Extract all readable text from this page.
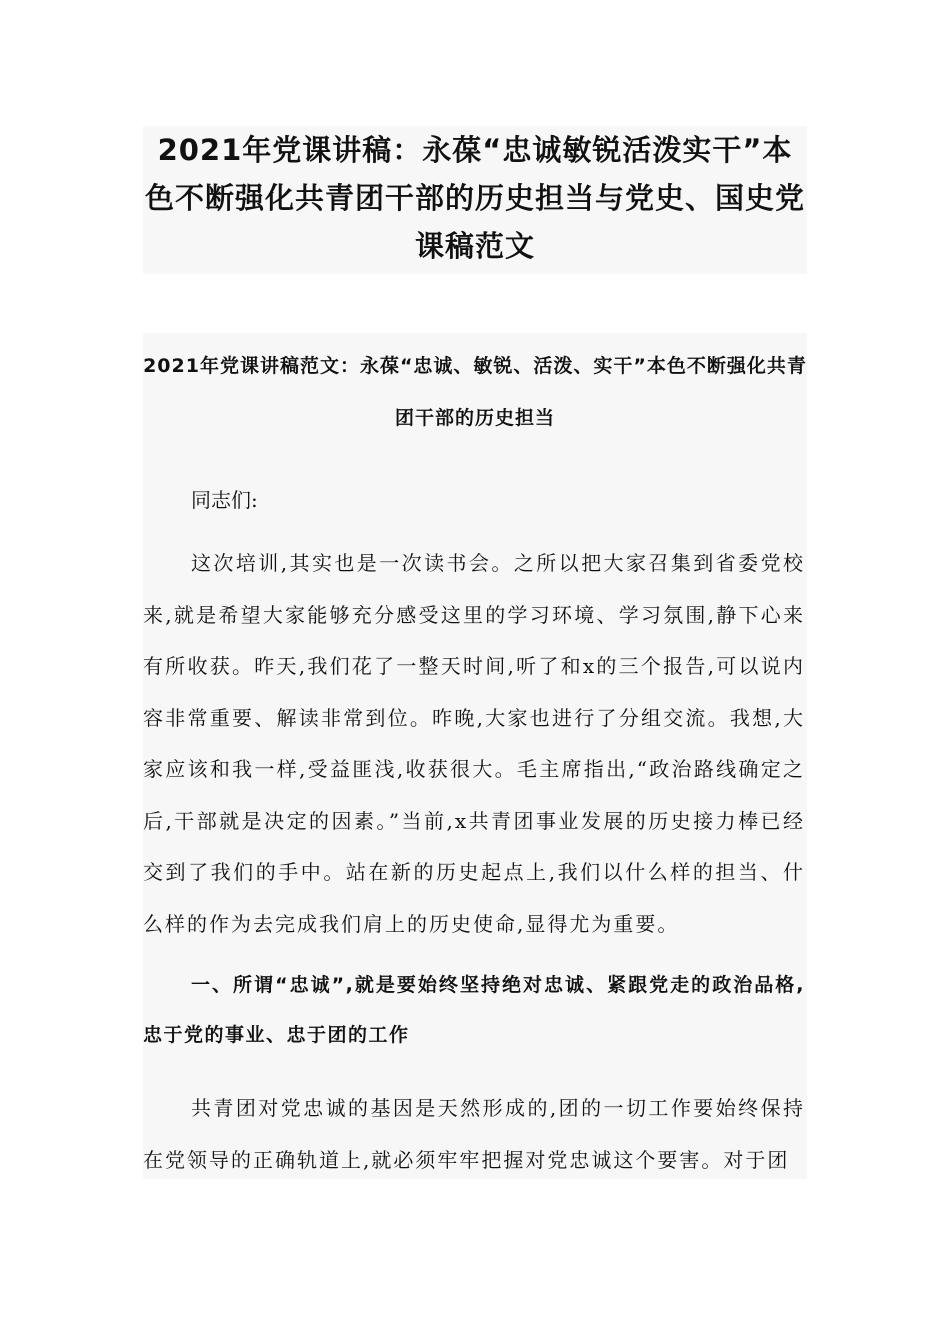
2021年党课讲稿：永葆“忠诚敏锐活泼实干”本色不断强化共青团干部的历史担当与党史、国史党课稿范文
2021年党课讲稿范文：永葆“忠诚、敏锐、活泼、实干”本色不断强化共青团干部的历史担当

同志们:

这次培训,其实也是一次读书会。之所以把大家召集到省委党校来,就是希望大家能够充分感受这里的学习环境、学习氛围,静下心来有所收获。昨天,我们花了一整天时间,听了和x的三个报告,可以说内容非常重要、解读非常到位。昨晚,大家也进行了分组交流。我想,大家应该和我一样,受益匪浅,收获很大。毛主席指出,“政治路线确定之后,干部就是决定的因素。”当前,x共青团事业发展的历史接力棒已经交到了我们的手中。站在新的历史起点上,我们以什么样的担当、什么样的作为去完成我们肩上的历史使命,显得尤为重要。

一、所谓“忠诚”,就是要始终坚持绝对忠诚、紧跟党走的政治品格,忠于党的事业、忠于团的工作

共青团对党忠诚的基因是天然形成的,团的一切工作要始终保持在党领导的正确轨道上,就必须牢牢把握对党忠诚这个要害。对于团
